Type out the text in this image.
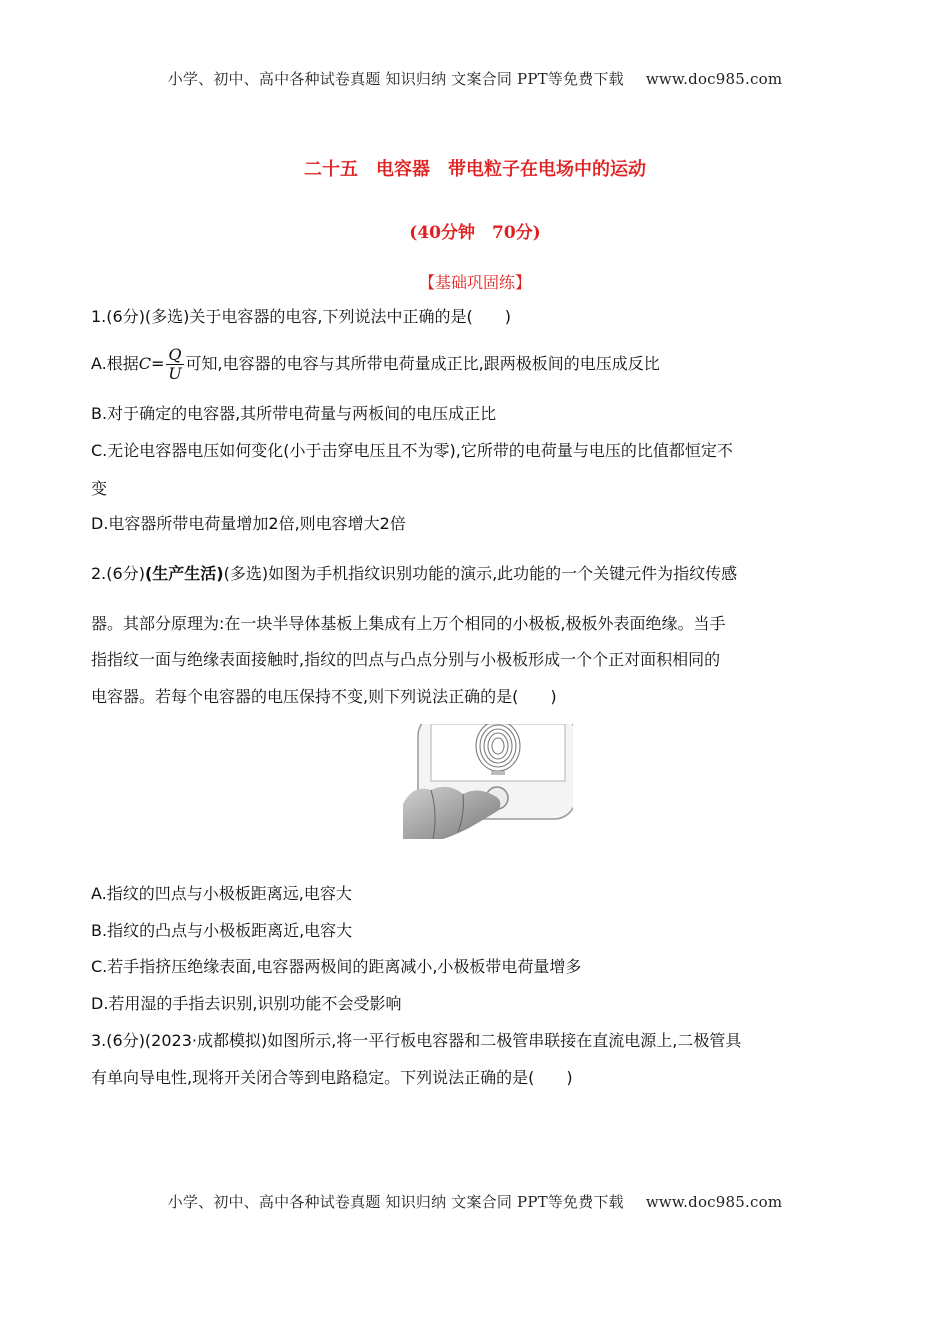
小学、初中、高中各种试卷真题 知识归纳 文案合同 PPT等免费下载 www.doc985.com
二十五　电容器　带电粒子在电场中的运动
(40分钟　70分)
【基础巩固练】
1.(6分)(多选)关于电容器的电容,下列说法中正确的是(　　)
A.根据$C= \frac{Q}{U}$ 可知,电容器的电容与其所带电荷量成正比,跟两极板间的电压成反比
B.对于确定的电容器,其所带电荷量与两板间的电压成正比
C.无论电容器电压如何变化(小于击穿电压且不为零),它所带的电荷量与电压的比值都恒定不
变
D.电容器所带电荷量增加2倍,则电容增大2倍
2.(6分)(生产生活)(多选)如图为手机指纹识别功能的演示,此功能的一个关键元件为指纹传感
器。其部分原理为:在一块半导体基板上集成有上万个相同的小极板,极板外表面绝缘。当手
指指纹一面与绝缘表面接触时,指纹的凹点与凸点分别与小极板形成一个个正对面积相同的
电容器。若每个电容器的电压保持不变,则下列说法正确的是(　　)
A.指纹的凹点与小极板距离远,电容大
B.指纹的凸点与小极板距离近,电容大
C.若手指挤压绝缘表面,电容器两极间的距离减小,小极板带电荷量增多
D.若用湿的手指去识别,识别功能不会受影响
3.(6分)(2023·成都模拟)如图所示,将一平行板电容器和二极管串联接在直流电源上,二极管具
有单向导电性,现将开关闭合等到电路稳定。下列说法正确的是(　　)
小学、初中、高中各种试卷真题 知识归纳 文案合同 PPT等免费下载 www.doc985.com
